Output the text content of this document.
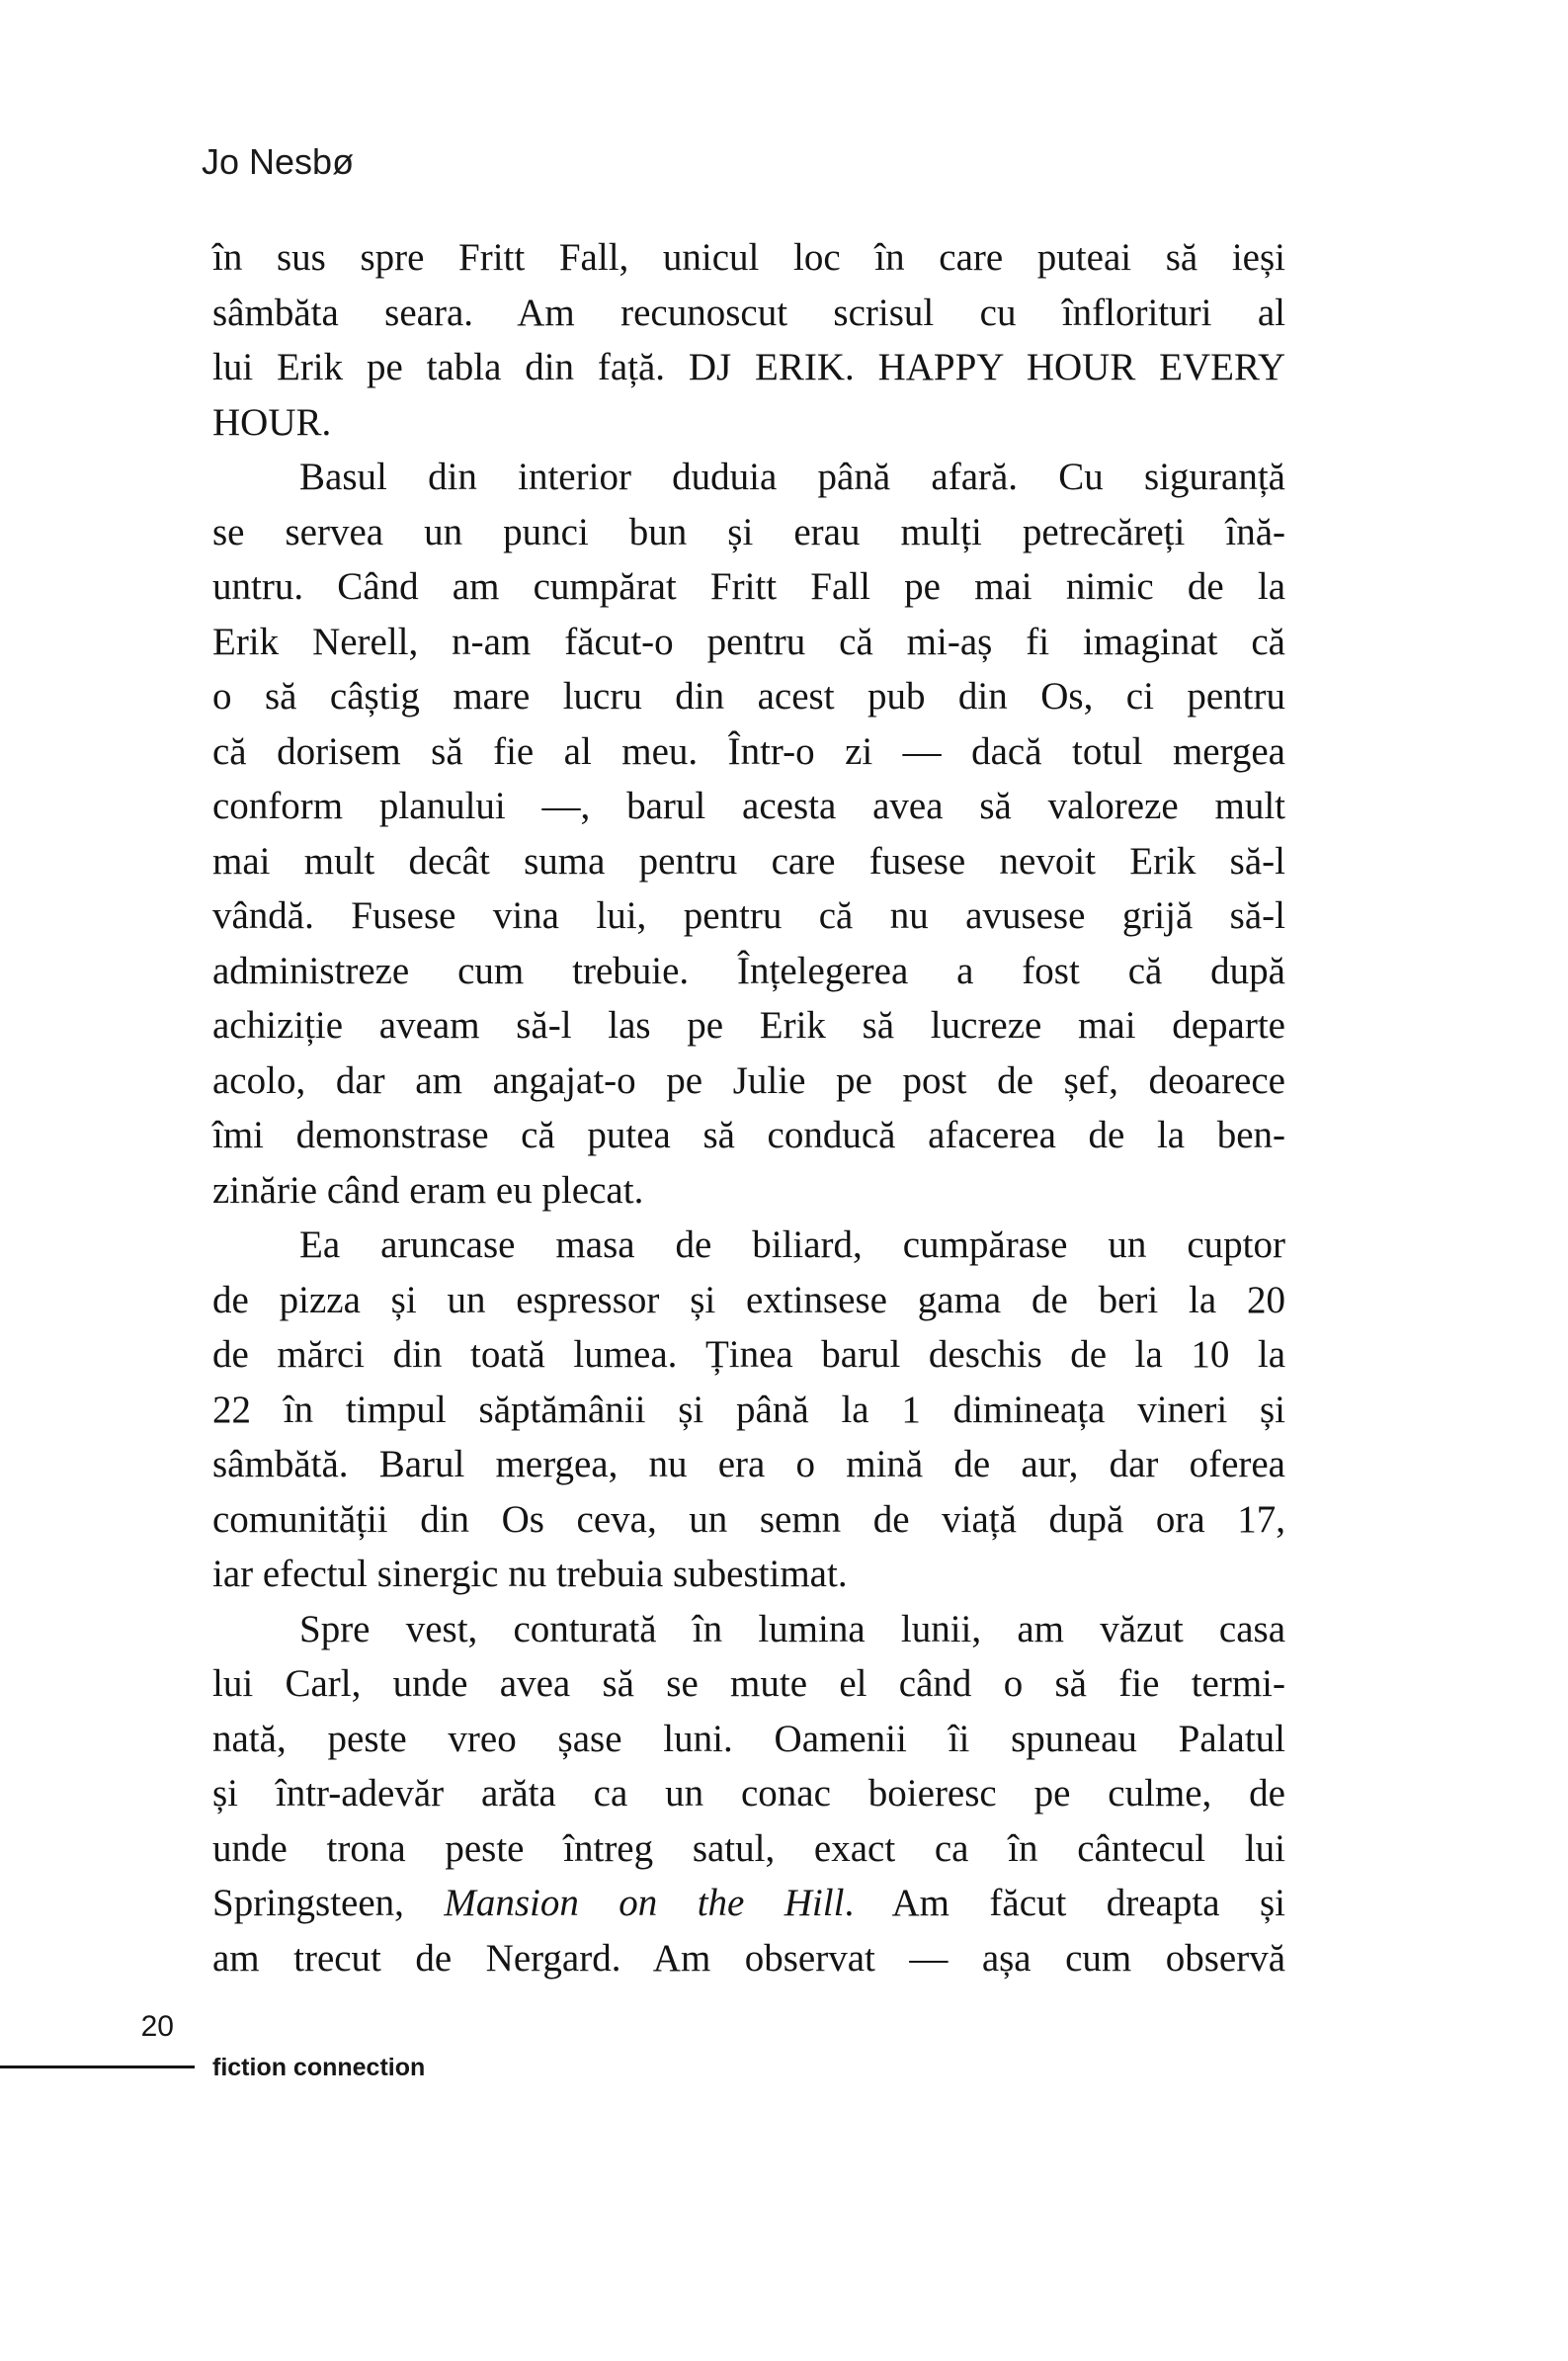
Jo Nesbø
în sus spre Fritt Fall, unicul loc în care puteai să ieși
sâmbăta seara. Am recunoscut scrisul cu înflorituri al
lui Erik pe tabla din față. DJ ERIK. HAPPY HOUR EVERY
HOUR.
Basul din interior duduia până afară. Cu siguranță
se servea un punci bun și erau mulți petrecăreți înă-
untru. Când am cumpărat Fritt Fall pe mai nimic de la
Erik Nerell, n-am făcut-o pentru că mi-aș fi imaginat că
o să câștig mare lucru din acest pub din Os, ci pentru
că dorisem să fie al meu. Într-o zi — dacă totul mergea
conform planului —, barul acesta avea să valoreze mult
mai mult decât suma pentru care fusese nevoit Erik să-l
vândă. Fusese vina lui, pentru că nu avusese grijă să-l
administreze cum trebuie. Înțelegerea a fost că după
achiziție aveam să-l las pe Erik să lucreze mai departe
acolo, dar am angajat-o pe Julie pe post de șef, deoarece
îmi demonstrase că putea să conducă afacerea de la ben-
zinărie când eram eu plecat.
Ea aruncase masa de biliard, cumpărase un cuptor
de pizza și un espressor și extinsese gama de beri la 20
de mărci din toată lumea. Ținea barul deschis de la 10 la
22 în timpul săptămânii și până la 1 dimineața vineri și
sâmbătă. Barul mergea, nu era o mină de aur, dar oferea
comunității din Os ceva, un semn de viață după ora 17,
iar efectul sinergic nu trebuia subestimat.
Spre vest, conturată în lumina lunii, am văzut casa
lui Carl, unde avea să se mute el când o să fie termi-
nată, peste vreo șase luni. Oamenii îi spuneau Palatul
și într-adevăr arăta ca un conac boieresc pe culme, de
unde trona peste întreg satul, exact ca în cântecul lui
Springsteen, Mansion on the Hill. Am făcut dreapta și
am trecut de Nergard. Am observat — așa cum observă
20
fiction connection
